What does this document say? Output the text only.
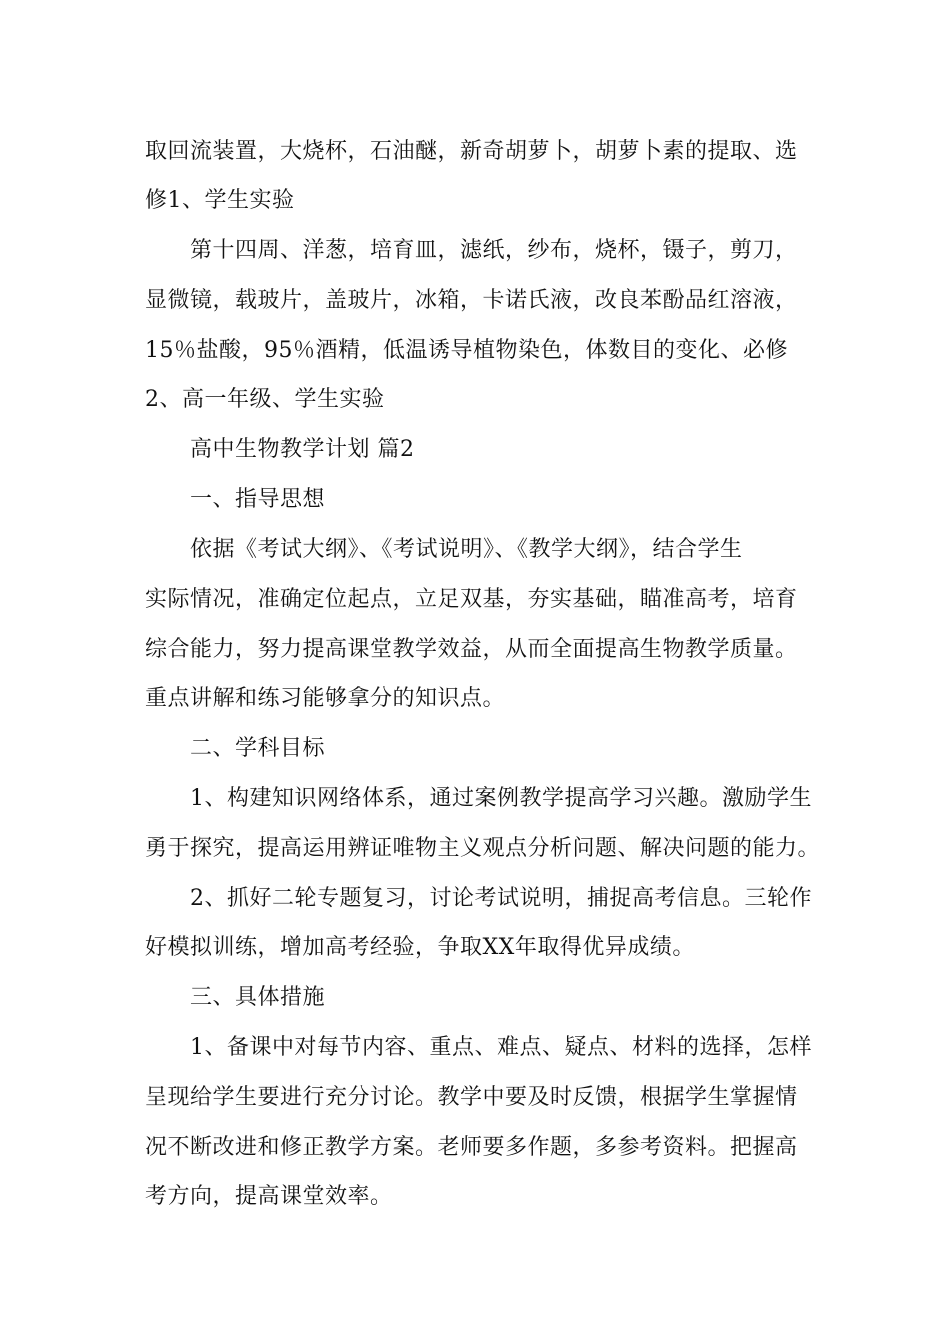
取回流装置，大烧杯，石油醚，新奇胡萝卜，胡萝卜素的提取、选
修1、学生实验
第十四周、洋葱，培育皿，滤纸，纱布，烧杯，镊子，剪刀，
显微镜，载玻片，盖玻片，冰箱，卡诺氏液，改良苯酚品红溶液，
15％盐酸，95％酒精，低温诱导植物染色，体数目的变化、必修
2、高一年级、学生实验
高中生物教学计划 篇2
一、指导思想
依据《考试大纲》、《考试说明》、《教学大纲》，结合学生
实际情况，准确定位起点，立足双基，夯实基础，瞄准高考，培育
综合能力，努力提高课堂教学效益，从而全面提高生物教学质量。
重点讲解和练习能够拿分的知识点。
二、学科目标
1、构建知识网络体系，通过案例教学提高学习兴趣。激励学生
勇于探究，提高运用辨证唯物主义观点分析问题、解决问题的能力。
2、抓好二轮专题复习，讨论考试说明，捕捉高考信息。三轮作
好模拟训练，增加高考经验，争取XX年取得优异成绩。
三、具体措施
1、备课中对每节内容、重点、难点、疑点、材料的选择，怎样
呈现给学生要进行充分讨论。教学中要及时反馈，根据学生掌握情
况不断改进和修正教学方案。老师要多作题，多参考资料。把握高
考方向，提高课堂效率。
